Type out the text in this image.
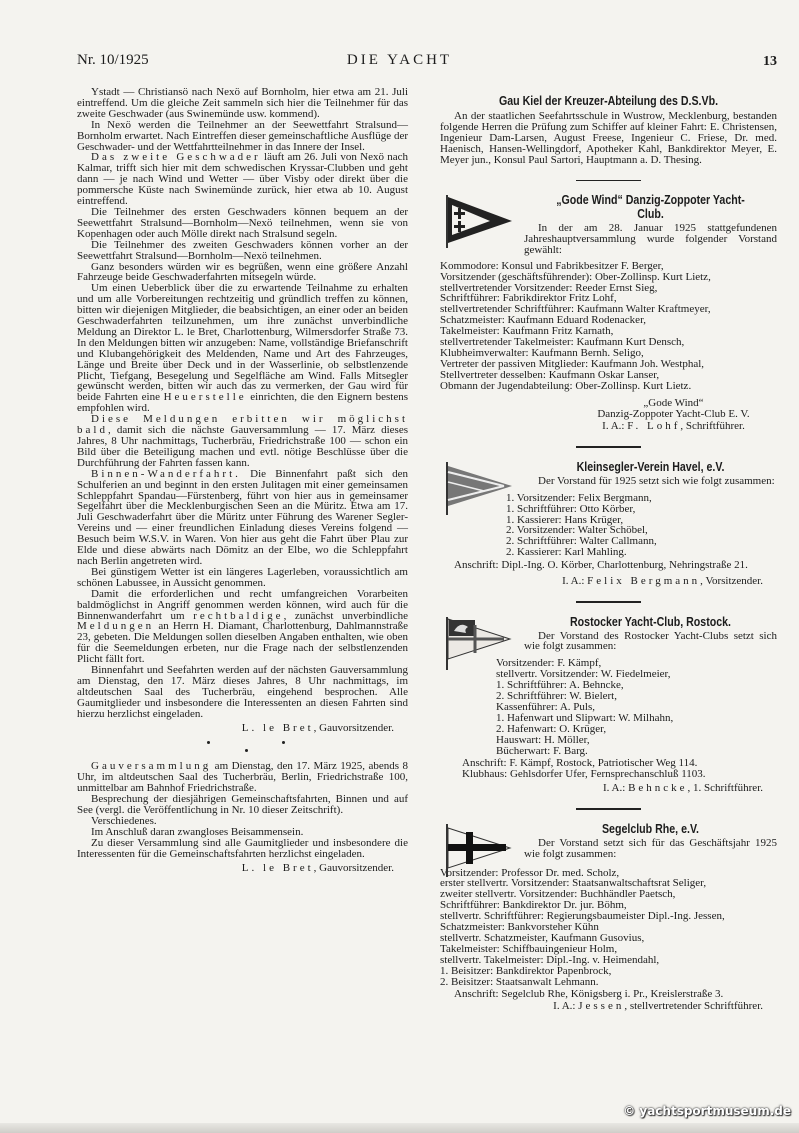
Nr. 10/1925	DIE YACHT	13

Ystadt — Christiansö nach Nexö auf Bornholm, hier etwa am 21. Juli eintreffend. Um die gleiche Zeit sammeln sich hier die Teilnehmer für das zweite Geschwader (aus Swinemünde usw. kommend).

In Nexö werden die Teilnehmer an der Seewettfahrt Stralsund—Bornholm erwartet. Nach Eintreffen dieser gemeinschaftliche Ausflüge der Geschwader- und der Wettfahrtteilnehmer in das Innere der Insel.

Das zweite Geschwader läuft am 26. Juli von Nexö nach Kalmar, trifft sich hier mit dem schwedischen Kryssar-Clubben und geht dann — je nach Wind und Wetter — über Visby oder direkt über die pommersche Küste nach Swinemünde zurück, hier etwa ab 10. August eintreffend.

Die Teilnehmer des ersten Geschwaders können bequem an der Seewettfahrt Stralsund—Bornholm—Nexö teilnehmen, wenn sie von Kopenhagen oder auch Mölle direkt nach Stralsund segeln.

Die Teilnehmer des zweiten Geschwaders können vorher an der Seewettfahrt Stralsund—Bornholm—Nexö teilnehmen.

Ganz besonders würden wir es begrüßen, wenn eine größere Anzahl Fahrzeuge beide Geschwaderfahrten mitsegeln würde.

Um einen Ueberblick über die zu erwartende Teilnahme zu erhalten und um alle Vorbereitungen rechtzeitig und gründlich treffen zu können, bitten wir diejenigen Mitglieder, die beabsichtigen, an einer oder an beiden Geschwaderfahrten teilzunehmen, um ihre zunächst unverbindliche Meldung an Direktor L. le Bret, Charlottenburg, Wilmersdorfer Straße 73. In den Meldungen bitten wir anzugeben: Name, vollständige Briefanschrift und Klubangehörigkeit des Meldenden, Name und Art des Fahrzeuges, Länge und Breite über Deck und in der Wasserlinie, ob selbstlenzende Plicht, Tiefgang, Besegelung und Segelfläche am Wind. Falls Mitsegler gewünscht werden, bitten wir auch das zu vermerken, der Gau wird für beide Fahrten eine Heuerstelle einrichten, die den Eignern bestens empfohlen wird.

Diese Meldungen erbitten wir möglichst bald, damit sich die nächste Gauversammlung — 17. März dieses Jahres, 8 Uhr nachmittags, Tucherbräu, Friedrichstraße 100 — schon ein Bild über die Beteiligung machen und evtl. nötige Beschlüsse über die Durchführung der Fahrten fassen kann.

Binnen-Wanderfahrt. Die Binnenfahrt paßt sich den Schulferien an und beginnt in den ersten Julitagen mit einer gemeinsamen Schleppfahrt Spandau—Fürstenberg, führt von hier aus in gemeinsamer Segelfahrt über die Mecklenburgischen Seen an die Müritz. Etwa am 17. Juli Geschwaderfahrt über die Müritz unter Führung des Warener Segler-Vereins und — einer freundlichen Einladung dieses Vereins folgend — Besuch beim W.S.V. in Waren. Von hier aus geht die Fahrt über Plau zur Elde und diese abwärts nach Dömitz an der Elbe, wo die Schleppfahrt nach Berlin angetreten wird.

Bei günstigem Wetter ist ein längeres Lagerleben, voraussichtlich am schönen Labussee, in Aussicht genommen.

Damit die erforderlichen und recht umfangreichen Vorarbeiten baldmöglichst in Angriff genommen werden können, wird auch für die Binnenwanderfahrt um rechtbaldige, zunächst unverbindliche Meldungen an Herrn H. Diamant, Charlottenburg, Dahlmannstraße 23, gebeten. Die Meldungen sollen dieselben Angaben enthalten, wie oben für die Seemeldungen erbeten, nur die Frage nach der selbstlenzenden Plicht fällt fort.

Binnenfahrt und Seefahrten werden auf der nächsten Gauversammlung am Dienstag, den 17. März dieses Jahres, 8 Uhr nachmittags, im altdeutschen Saal des Tucherbräu, eingehend besprochen. Alle Gaumitglieder und insbesondere die Interessenten an diesen Fahrten sind hierzu herzlichst eingeladen.

L. le Bret, Gauvorsitzender.

Gauversammlung am Dienstag, den 17. März 1925, abends 8 Uhr, im altdeutschen Saal des Tucherbräu, Berlin, Friedrichstraße 100, unmittelbar am Bahnhof Friedrichstraße.

Besprechung der diesjährigen Gemeinschaftsfahrten, Binnen und auf See (vergl. die Veröffentlichung in Nr. 10 dieser Zeitschrift).

Verschiedenes.

Im Anschluß daran zwangloses Beisammensein.

Zu dieser Versammlung sind alle Gaumitglieder und insbesondere die Interessenten für die Gemeinschaftsfahrten herzlichst eingeladen.

L. le Bret, Gauvorsitzender.
Gau Kiel der Kreuzer-Abteilung des D.S.Vb.

An der staatlichen Seefahrtsschule in Wustrow, Mecklenburg, bestanden folgende Herren die Prüfung zum Schiffer auf kleiner Fahrt: E. Christensen, Ingenieur Dam-Larsen, August Freese, Ingenieur C. Friese, Dr. med. Haenisch, Hansen-Wellingdorf, Apotheker Kahl, Bankdirektor Meyer, E. Meyer jun., Konsul Paul Sartori, Hauptmann a. D. Thesing.

„Gode Wind“ Danzig-Zoppoter Yacht-Club.

In der am 28. Januar 1925 stattgefundenen Jahreshauptversammlung wurde folgender Vorstand gewählt:

Kommodore: Konsul und Fabrikbesitzer F. Berger,
Vorsitzender (geschäftsführender): Ober-Zollinsp. Kurt Lietz,
stellvertretender Vorsitzender: Reeder Ernst Sieg,
Schriftführer: Fabrikdirektor Fritz Lohf,
stellvertretender Schriftführer: Kaufmann Walter Kraftmeyer,
Schatzmeister: Kaufmann Eduard Rodenacker,
Takelmeister: Kaufmann Fritz Karnath,
stellvertretender Takelmeister: Kaufmann Kurt Densch,
Klubheimverwalter: Kaufmann Bernh. Seligo,
Vertreter der passiven Mitglieder: Kaufmann Joh. Westphal,
Stellvertreter desselben: Kaufmann Oskar Lanser,
Obmann der Jugendabteilung: Ober-Zollinsp. Kurt Lietz.
„Gode Wind“
Danzig-Zoppoter Yacht-Club E. V.
I. A.: F. Lohf, Schriftführer.
Kleinsegler-Verein Havel, e.V.

Der Vorstand für 1925 setzt sich wie folgt zusammen:

1. Vorsitzender: Felix Bergmann,
1. Schriftführer: Otto Körber,
1. Kassierer: Hans Krüger,
2. Vorsitzender: Walter Schöbel,
2. Schriftführer: Walter Callmann,
2. Kassierer: Karl Mahling.

Anschrift: Dipl.-Ing. O. Körber, Charlottenburg, Nehringstraße 21.

I. A.: Felix Bergmann, Vorsitzender.
Rostocker Yacht-Club, Rostock.

Der Vorstand des Rostocker Yacht-Clubs setzt sich wie folgt zusammen:

Vorsitzender: F. Kämpf,
stellvertr. Vorsitzender: W. Fiedelmeier,
1. Schriftführer: A. Behncke,
2. Schriftführer: W. Bielert,
Kassenführer: A. Puls,
1. Hafenwart und Slipwart: W. Milhahn,
2. Hafenwart: O. Krüger,
Hauswart: H. Möller,
Bücherwart: F. Barg.
Anschrift: F. Kämpf, Rostock, Patriotischer Weg 114.
Klubhaus: Gehlsdorfer Ufer, Fernsprechanschluß 1103.
I. A.: Behncke, 1. Schriftführer.
Segelclub Rhe, e.V.

Der Vorstand setzt sich für das Geschäftsjahr 1925 wie folgt zusammen:

Vorsitzender: Professor Dr. med. Scholz,
erster stellvertr. Vorsitzender: Staatsanwaltschaftsrat Seliger,
zweiter stellvertr. Vorsitzender: Buchhändler Paetsch,
Schriftführer: Bankdirektor Dr. jur. Böhm,
stellvertr. Schriftführer: Regierungsbaumeister Dipl.-Ing. Jessen,
Schatzmeister: Bankvorsteher Kühn
stellvertr. Schatzmeister, Kaufmann Gusovius,
Takelmeister: Schiffbauingenieur Holm,
stellvertr. Takelmeister: Dipl.-Ing. v. Heimendahl,
1. Beisitzer: Bankdirektor Papenbrock,
2. Beisitzer: Staatsanwalt Lehmann.

Anschrift: Segelclub Rhe, Königsberg i. Pr., Kreislerstraße 3.

I. A.: Jessen, stellvertretender Schriftführer.
© yachtsportmuseum.de
